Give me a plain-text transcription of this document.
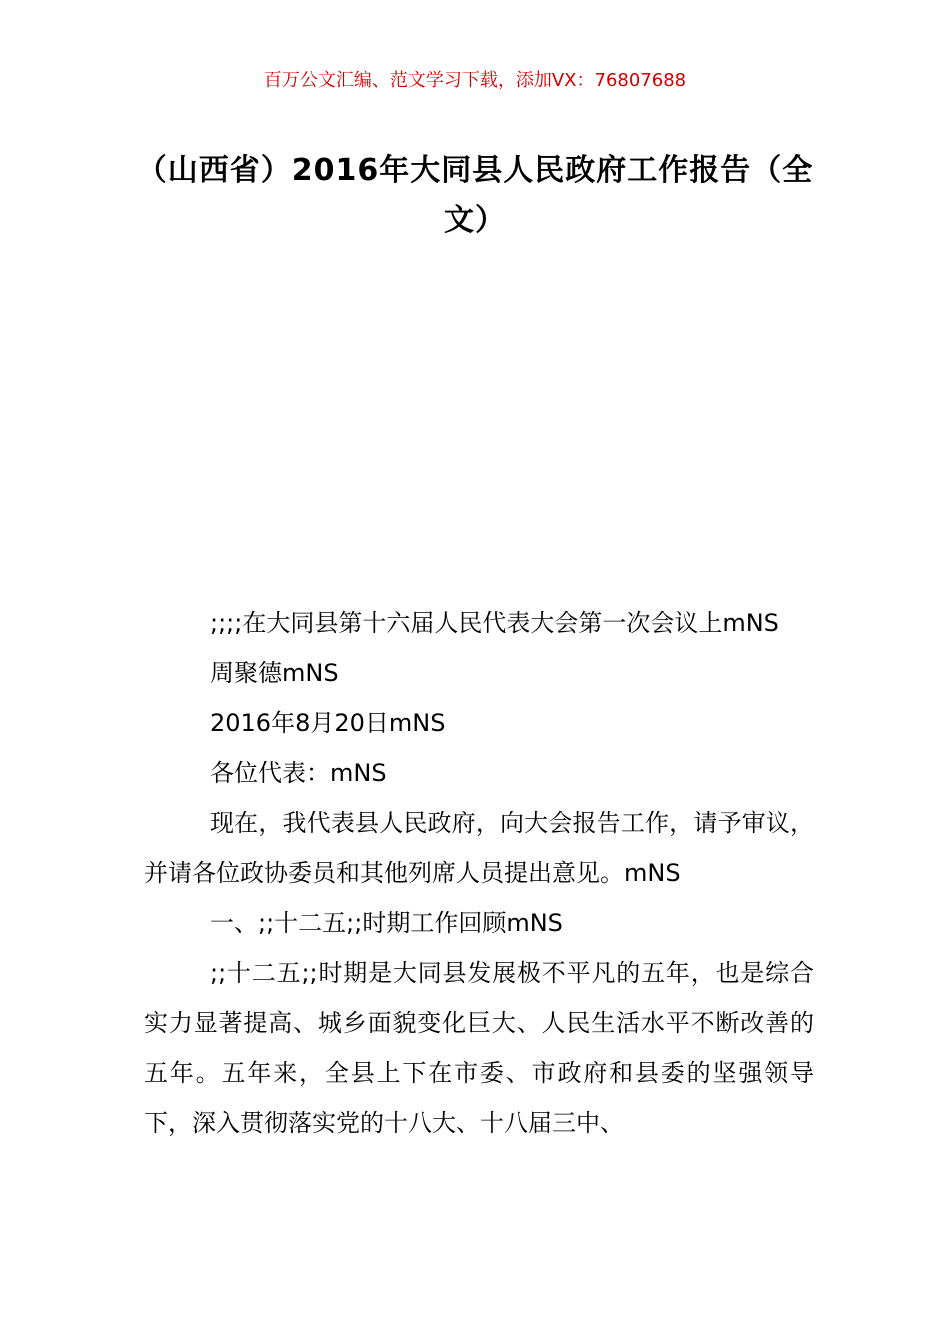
百万公文汇编、范文学习下载，添加VX：76807688
（山西省）2016年大同县人民政府工作报告（全文）

;;;;在大同县第十六届人民代表大会第一次会议上mNS

周聚德mNS

2016年8月20日mNS

各位代表：mNS

现在，我代表县人民政府，向大会报告工作，请予审议，并请各位政协委员和其他列席人员提出意见。mNS

一、;;十二五;;时期工作回顾mNS

;;十二五;;时期是大同县发展极不平凡的五年，也是综合实力显著提高、城乡面貌变化巨大、人民生活水平不断改善的五年。五年来，全县上下在市委、市政府和县委的坚强领导下，深入贯彻落实党的十八大、十八届三中、
